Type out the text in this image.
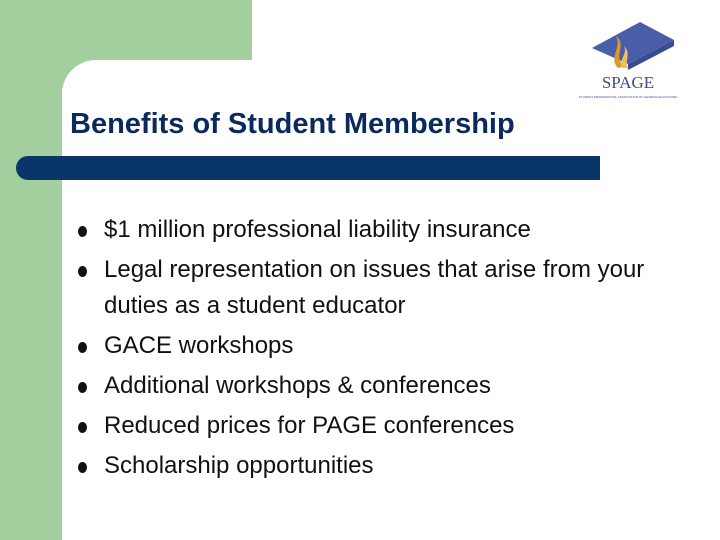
SPAGE
STUDENT PROFESSIONAL ASSOCIATION OF GEORGIA EDUCATORS
Benefits of Student Membership
$1 million professional liability insurance
Legal representation on issues that arise from your duties as a student educator
GACE workshops
Additional workshops & conferences
Reduced prices for PAGE conferences
Scholarship opportunities
